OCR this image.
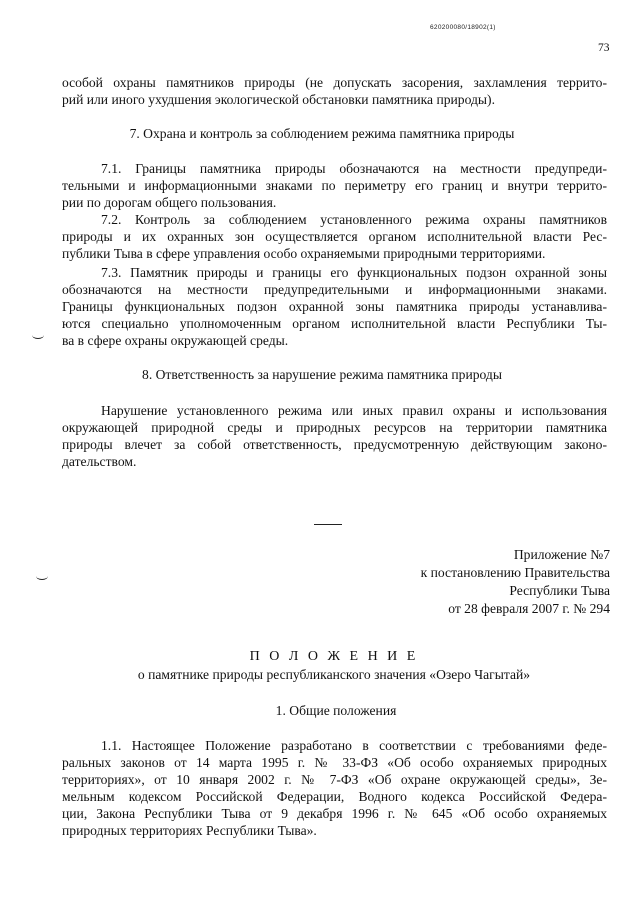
620200080/18902(1)
73
особой охраны памятников природы (не допускать засорения, захламления террито-
рий или иного ухудшения экологической обстановки памятника природы).
7. Охрана и контроль за соблюдением режима памятника природы
7.1. Границы памятника природы обозначаются на местности предупреди-
тельными и информационными знаками по периметру его границ и внутри террито-
рии по дорогам общего пользования.
7.2. Контроль за соблюдением установленного режима охраны памятников
природы и их охранных зон осуществляется органом исполнительной власти Рес-
публики Тыва в сфере управления особо охраняемыми природными территориями.
7.3. Памятник природы и границы его функциональных подзон охранной зоны
обозначаются на местности предупредительными и информационными знаками.
Границы функциональных подзон охранной зоны памятника природы устанавлива-
ются специально уполномоченным органом исполнительной власти Республики Ты-
ва в сфере охраны окружающей среды.
8. Ответственность за нарушение режима памятника природы
Нарушение установленного режима или иных правил охраны и использования
окружающей природной среды и природных ресурсов на территории памятника
природы влечет за собой ответственность, предусмотренную действующим законо-
дательством.
Приложение №7
к постановлению Правительства
Республики Тыва
от 28 февраля 2007 г. № 294
П О Л О Ж Е Н И Е
о памятнике природы республиканского значения «Озеро Чагытай»
1. Общие положения
1.1. Настоящее Положение разработано в соответствии с требованиями феде-
ральных законов от 14 марта 1995 г. № 33-ФЗ «Об особо охраняемых природных
территориях», от 10 января 2002 г. № 7-ФЗ «Об охране окружающей среды», Зе-
мельным кодексом Российской Федерации, Водного кодекса Российской Федера-
ции, Закона Республики Тыва от 9 декабря 1996 г. № 645 «Об особо охраняемых
природных территориях Республики Тыва».
